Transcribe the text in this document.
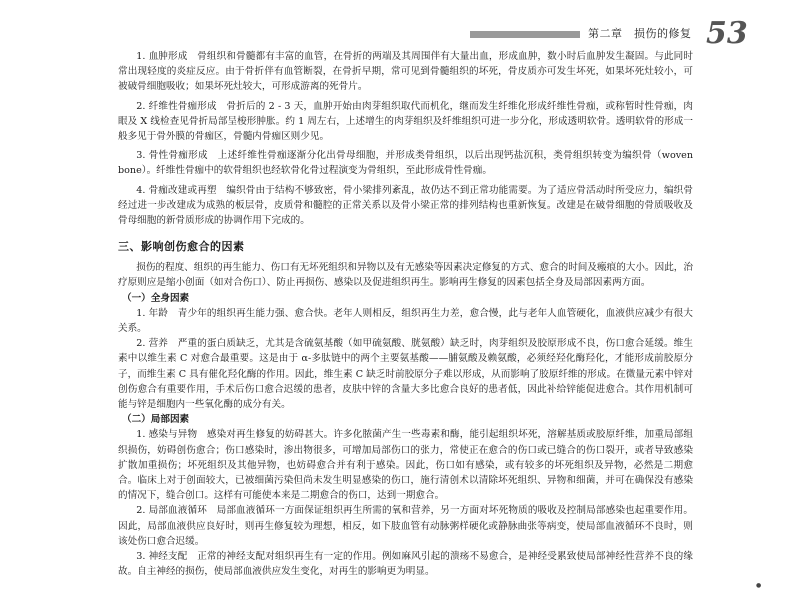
第二章　损伤的修复 53

1. 血肿形成　骨组织和骨髓都有丰富的血管，在骨折的两端及其周围伴有大量出血，形成血肿，数小时后血肿发生凝固。与此同时常出现轻度的炎症反应。由于骨折伴有血管断裂，在骨折早期，常可见到骨髓组织的坏死，骨皮质亦可发生坏死，如果坏死灶较小，可被破骨细胞吸收；如果坏死灶较大，可形成游离的死骨片。

2. 纤维性骨痂形成　骨折后的 2 - 3 天，血肿开始由肉芽组织取代而机化，继而发生纤维化形成纤维性骨痂，或称暂时性骨痂，肉眼及 X 线检查见骨折局部呈梭形肿胀。约 1 周左右，上述增生的肉芽组织及纤维组织可进一步分化，形成透明软骨。透明软骨的形成一般多见于骨外膜的骨痂区，骨髓内骨痂区则少见。

3. 骨性骨痂形成　上述纤维性骨痂逐渐分化出骨母细胞，并形成类骨组织，以后出现钙盐沉积，类骨组织转变为编织骨（woven bone）。纤维性骨痂中的软骨组织也经软骨化骨过程演变为骨组织，至此形成骨性骨痂。

4. 骨痂改建或再塑　编织骨由于结构不够致密，骨小梁排列紊乱，故仍达不到正常功能需要。为了适应骨活动时所受应力，编织骨经过进一步改建成为成熟的板层骨，皮质骨和髓腔的正常关系以及骨小梁正常的排列结构也重新恢复。改建是在破骨细胞的骨质吸收及骨母细胞的新骨质形成的协调作用下完成的。

三、影响创伤愈合的因素

损伤的程度、组织的再生能力、伤口有无坏死组织和异物以及有无感染等因素决定修复的方式、愈合的时间及瘢痕的大小。因此，治疗原则应是缩小创面（如对合伤口）、防止再损伤、感染以及促进组织再生。影响再生修复的因素包括全身及局部因素两方面。

（一）全身因素

1. 年龄　青少年的组织再生能力强、愈合快。老年人则相反，组织再生力差，愈合慢，此与老年人血管硬化，血液供应减少有很大关系。

2. 营养　严重的蛋白质缺乏，尤其是含硫氨基酸（如甲硫氨酸、胱氨酸）缺乏时，肉芽组织及胶原形成不良，伤口愈合延缓。维生素中以维生素 C 对愈合最重要。这是由于 α-多肽链中的两个主要氨基酸——脯氨酸及赖氨酸，必须经羟化酶羟化，才能形成前胶原分子，而维生素 C 具有催化羟化酶的作用。因此，维生素 C 缺乏时前胶原分子难以形成，从而影响了胶原纤维的形成。在微量元素中锌对创伤愈合有重要作用，手术后伤口愈合迟缓的患者，皮肤中锌的含量大多比愈合良好的患者低，因此补给锌能促进愈合。其作用机制可能与锌是细胞内一些氧化酶的成分有关。

（二）局部因素

1. 感染与异物　感染对再生修复的妨碍甚大。许多化脓菌产生一些毒素和酶，能引起组织坏死，溶解基质或胶原纤维，加重局部组织损伤，妨碍创伤愈合；伤口感染时，渗出物很多，可增加局部伤口的张力，常使正在愈合的伤口或已缝合的伤口裂开，或者导致感染扩散加重损伤；坏死组织及其他异物，也妨碍愈合并有利于感染。因此，伤口如有感染，或有较多的坏死组织及异物，必然是二期愈合。临床上对于创面较大，已被细菌污染但尚未发生明显感染的伤口，施行清创术以清除坏死组织、异物和细菌，并可在确保没有感染的情况下，缝合创口。这样有可能使本来是二期愈合的伤口，达到一期愈合。

2. 局部血液循环　局部血液循环一方面保证组织再生所需的氧和营养，另一方面对坏死物质的吸收及控制局部感染也起重要作用。因此，局部血液供应良好时，则再生修复较为理想，相反，如下肢血管有动脉粥样硬化或静脉曲张等病变，使局部血液循环不良时，则该处伤口愈合迟缓。

3. 神经支配　正常的神经支配对组织再生有一定的作用。例如麻风引起的溃疡不易愈合，是神经受累致使局部神经性营养不良的缘故。自主神经的损伤，使局部血液供应发生变化，对再生的影响更为明显。

●
